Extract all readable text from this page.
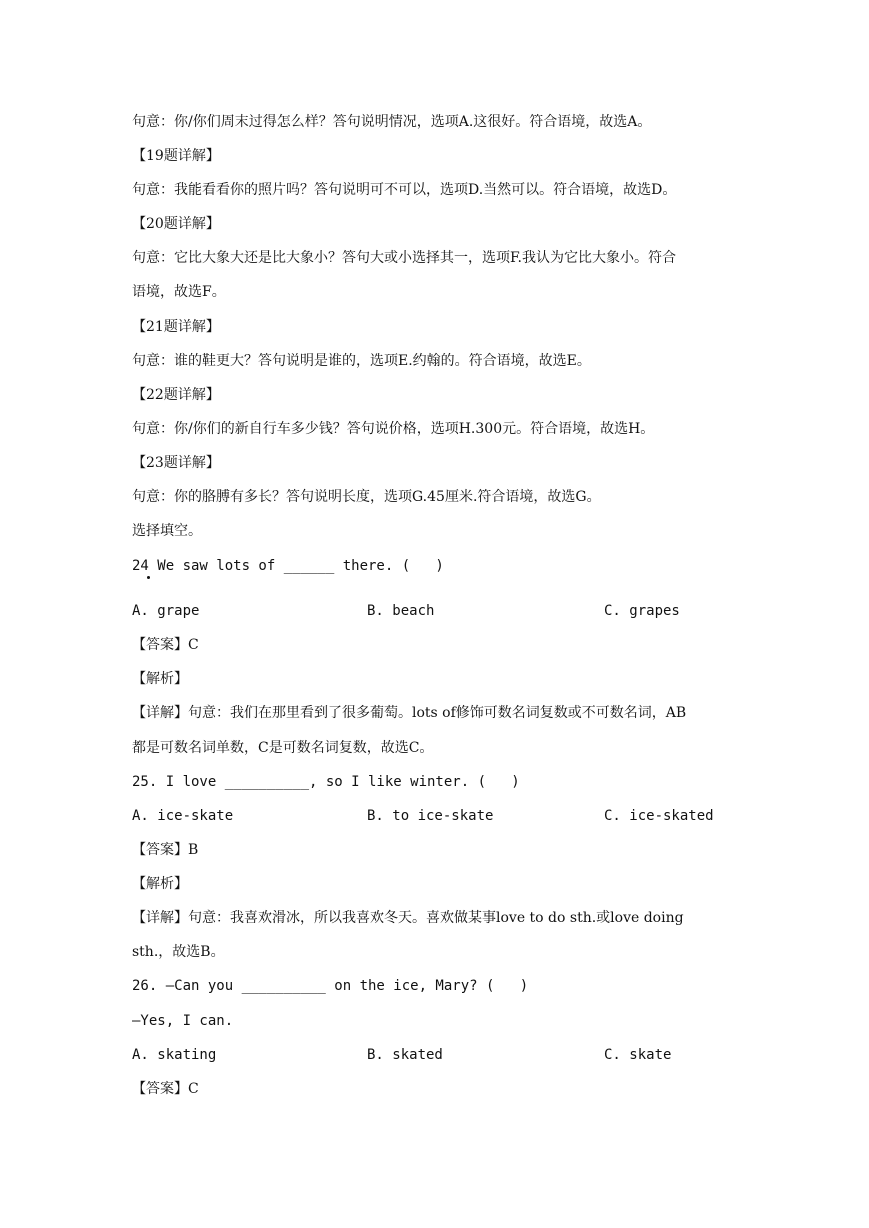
句意：你/你们周末过得怎么样？答句说明情况，选项A.这很好。符合语境，故选A。
【19题详解】
句意：我能看看你的照片吗？答句说明可不可以，选项D.当然可以。符合语境，故选D。
【20题详解】
句意：它比大象大还是比大象小？答句大或小选择其一，选项F.我认为它比大象小。符合
语境，故选F。
【21题详解】
句意：谁的鞋更大？答句说明是谁的，选项E.约翰的。符合语境，故选E。
【22题详解】
句意：你/你们的新自行车多少钱？答句说价格，选项H.300元。符合语境，故选H。
【23题详解】
句意：你的胳膊有多长？答句说明长度，选项G.45厘米.符合语境，故选G。
选择填空。
24 We saw lots of ______ there. (   )
A. grape	B. beach	C. grapes
【答案】C
【解析】
【详解】句意：我们在那里看到了很多葡萄。lots of修饰可数名词复数或不可数名词，AB
都是可数名词单数，C是可数名词复数，故选C。
25. I love __________, so I like winter. (   )
A. ice-skate	B. to ice-skate	C. ice-skated
【答案】B
【解析】
【详解】句意：我喜欢滑冰，所以我喜欢冬天。喜欢做某事love to do sth.或love doing
sth.，故选B。
26. —Can you __________ on the ice, Mary? (   )
—Yes, I can.
A. skating	B. skated	C. skate
【答案】C
